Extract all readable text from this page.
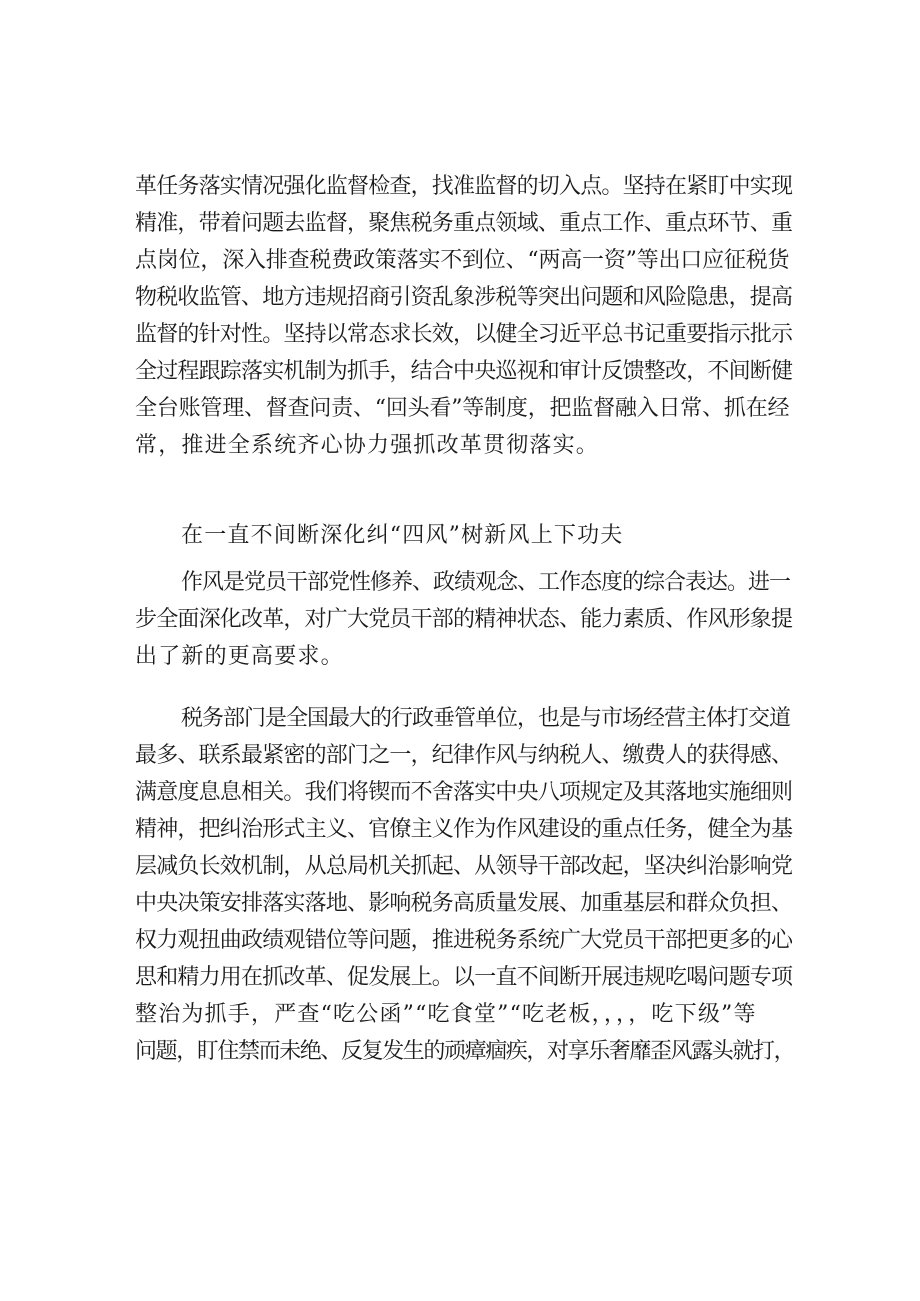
革任务落实情况强化监督检查，找准监督的切入点。坚持在紧盯中实现
精准，带着问题去监督，聚焦税务重点领域、重点工作、重点环节、重
点岗位，深入排查税费政策落实不到位、“两高一资”等出口应征税货
物税收监管、地方违规招商引资乱象涉税等突出问题和风险隐患，提高
监督的针对性。坚持以常态求长效，以健全习近平总书记重要指示批示
全过程跟踪落实机制为抓手，结合中央巡视和审计反馈整改，不间断健
全台账管理、督查问责、“回头看”等制度，把监督融入日常、抓在经
常，推进全系统齐心协力强抓改革贯彻落实。
在一直不间断深化纠“四风”树新风上下功夫
作风是党员干部党性修养、政绩观念、工作态度的综合表达。进一
步全面深化改革，对广大党员干部的精神状态、能力素质、作风形象提
出了新的更高要求。
税务部门是全国最大的行政垂管单位，也是与市场经营主体打交道
最多、联系最紧密的部门之一，纪律作风与纳税人、缴费人的获得感、
满意度息息相关。我们将锲而不舍落实中央八项规定及其落地实施细则
精神，把纠治形式主义、官僚主义作为作风建设的重点任务，健全为基
层减负长效机制，从总局机关抓起、从领导干部改起，坚决纠治影响党
中央决策安排落实落地、影响税务高质量发展、加重基层和群众负担、
权力观扭曲政绩观错位等问题，推进税务系统广大党员干部把更多的心
思和精力用在抓改革、促发展上。以一直不间断开展违规吃喝问题专项
整治为抓手，严查“吃公函”“吃食堂”“吃老板，，，，吃下级”等
问题，盯住禁而未绝、反复发生的顽瘴痼疾，对享乐奢靡歪风露头就打，
